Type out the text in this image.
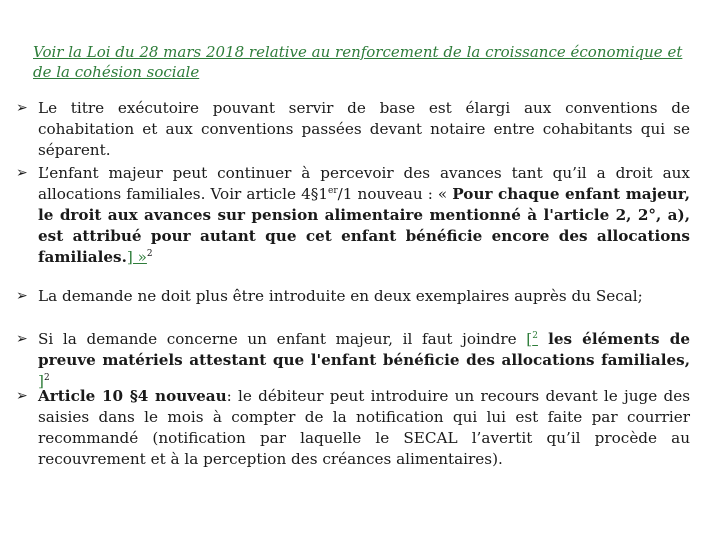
Voir la Loi du 28 mars 2018 relative au renforcement de la croissance économique et de la cohésion sociale
➢ Le titre exécutoire pouvant servir de base est élargi aux conventions de cohabitation et aux conventions passées devant notaire entre cohabitants qui se séparent.
➢ L’enfant majeur peut continuer à percevoir des avances tant qu’il a droit aux allocations familiales. Voir article 4§1er/1 nouveau : « Pour chaque enfant majeur, le droit aux avances sur pension alimentaire mentionné à l'article 2, 2°, a), est attribué pour autant que cet enfant bénéficie encore des allocations familiales.] »$^2$
➢ La demande ne doit plus être introduite en deux exemplaires auprès du Secal;
➢ Si la demande concerne un enfant majeur, il faut joindre [$^2$ les éléments de preuve matériels attestant que l'enfant bénéficie des allocations familiales, ]$^2$
➢ Article 10 §4 nouveau: le débiteur peut introduire un recours devant le juge des saisies dans le mois à compter de la notification qui lui est faite par courrier recommandé (notification par laquelle le SECAL l’avertit qu’il procède au recouvrement et à la perception des créances alimentaires).
